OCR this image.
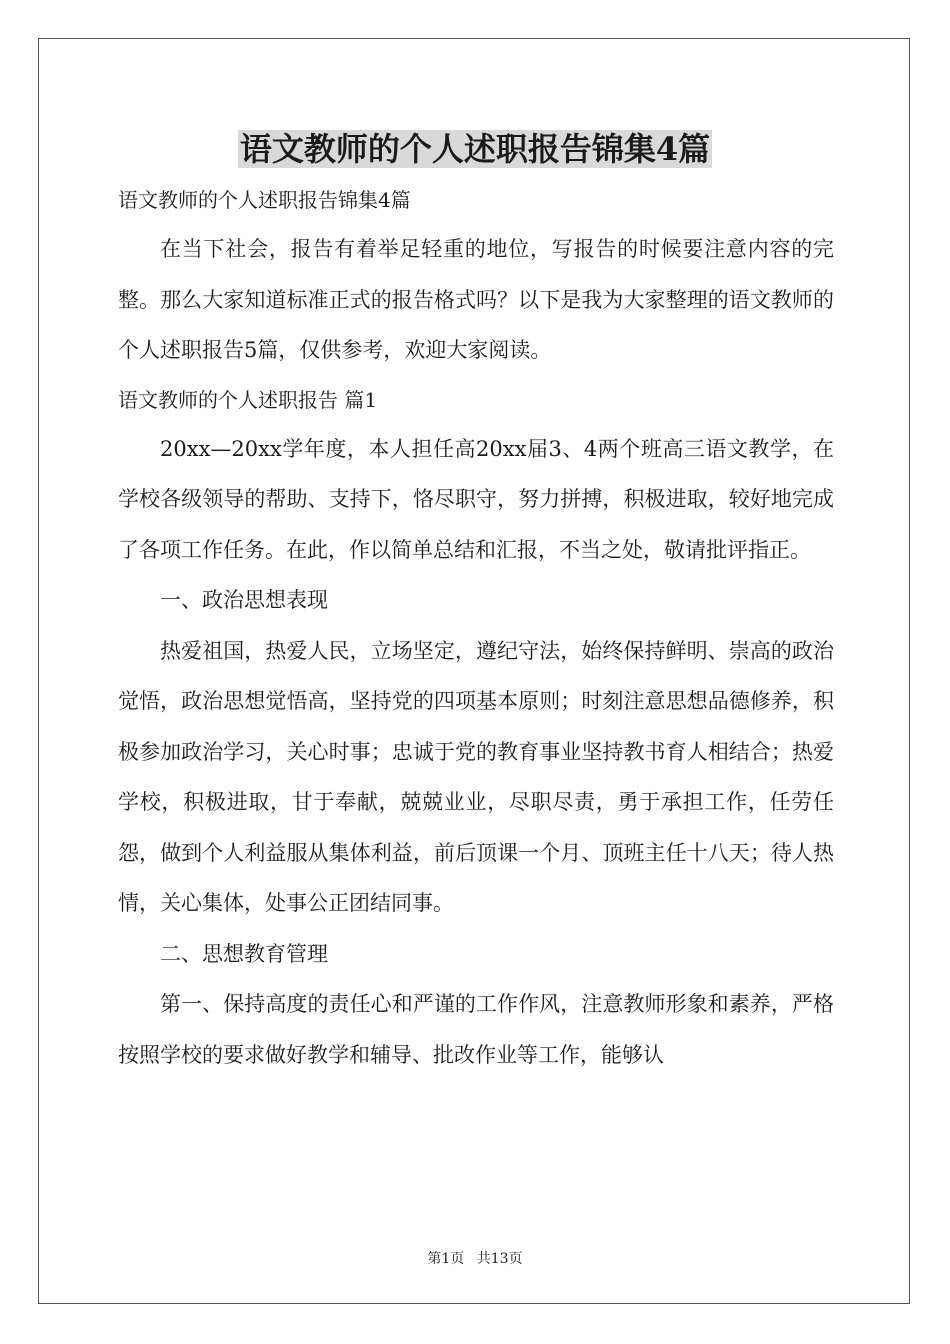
语文教师的个人述职报告锦集4篇

语文教师的个人述职报告锦集4篇

在当下社会，报告有着举足轻重的地位，写报告的时候要注意内容的完整。那么大家知道标准正式的报告格式吗？以下是我为大家整理的语文教师的个人述职报告5篇，仅供参考，欢迎大家阅读。

语文教师的个人述职报告 篇1

20xx—20xx学年度，本人担任高20xx届3、4两个班高三语文教学，在学校各级领导的帮助、支持下，恪尽职守，努力拼搏，积极进取，较好地完成了各项工作任务。在此，作以简单总结和汇报，不当之处，敬请批评指正。

一、政治思想表现

热爱祖国，热爱人民，立场坚定，遵纪守法，始终保持鲜明、崇高的政治觉悟，政治思想觉悟高，坚持党的四项基本原则；时刻注意思想品德修养，积极参加政治学习，关心时事；忠诚于党的教育事业坚持教书育人相结合；热爱学校，积极进取，甘于奉献，兢兢业业，尽职尽责，勇于承担工作，任劳任怨，做到个人利益服从集体利益，前后顶课一个月、顶班主任十八天；待人热情，关心集体，处事公正团结同事。

二、思想教育管理

第一、保持高度的责任心和严谨的工作作风，注意教师形象和素养，严格按照学校的要求做好教学和辅导、批改作业等工作，能够认

第1页 共13页
